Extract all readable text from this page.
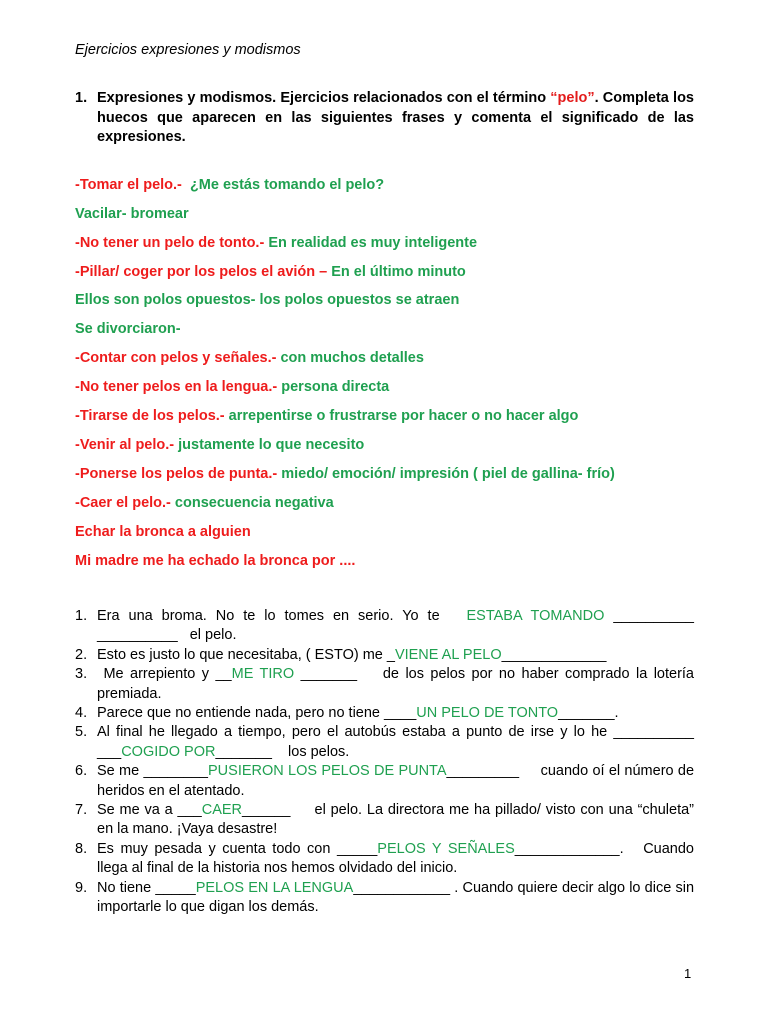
Ejercicios expresiones y modismos
1. Expresiones y modismos. Ejercicios relacionados con el término “pelo”. Completa los huecos que aparecen en las siguientes frases y comenta el significado de las expresiones.
-Tomar el pelo.-  ¿Me estás tomando el pelo?
Vacilar- bromear
-No tener un pelo de tonto.- En realidad es muy inteligente
-Pillar/ coger por los pelos el avión – En el último minuto
Ellos son polos opuestos- los polos opuestos se atraen
Se divorciaron-
-Contar con pelos y señales.- con muchos detalles
-No tener pelos en la lengua.- persona directa
-Tirarse de los pelos.- arrepentirse o frustrarse por hacer o no hacer algo
-Venir al pelo.- justamente lo que necesito
-Ponerse los pelos de punta.- miedo/ emoción/ impresión ( piel de gallina- frío)
-Caer el pelo.- consecuencia negativa
Echar la bronca a alguien
Mi madre me ha echado la bronca por ....
1. Era una broma. No te lo tomes en serio. Yo te   ESTABA TOMANDO __________ __________   el pelo.
2. Esto es justo lo que necesitaba, ( ESTO) me _VIENE AL PELO_____________
3. Me arrepiento y __ME TIRO _______    de los pelos por no haber comprado la lotería premiada.
4. Parece que no entiende nada, pero no tiene ____UN PELO DE TONTO_______.
5. Al final he llegado a tiempo, pero el autobús estaba a punto de irse y lo he __________ ___COGIDO POR_______    los pelos.
6. Se me ________PUSIERON LOS PELOS DE PUNTA_________     cuando oí el número de heridos en el atentado.
7. Se me va a ___CAER______     el pelo. La directora me ha pillado/ visto con una “chuleta” en la mano. ¡Vaya desastre!
8. Es muy pesada y cuenta todo con _____PELOS Y SEÑALES_____________.   Cuando llega al final de la historia nos hemos olvidado del inicio.
9. No tiene _____PELOS EN LA LENGUA____________ . Cuando quiere decir algo lo dice sin importarle lo que digan los demás.
1
